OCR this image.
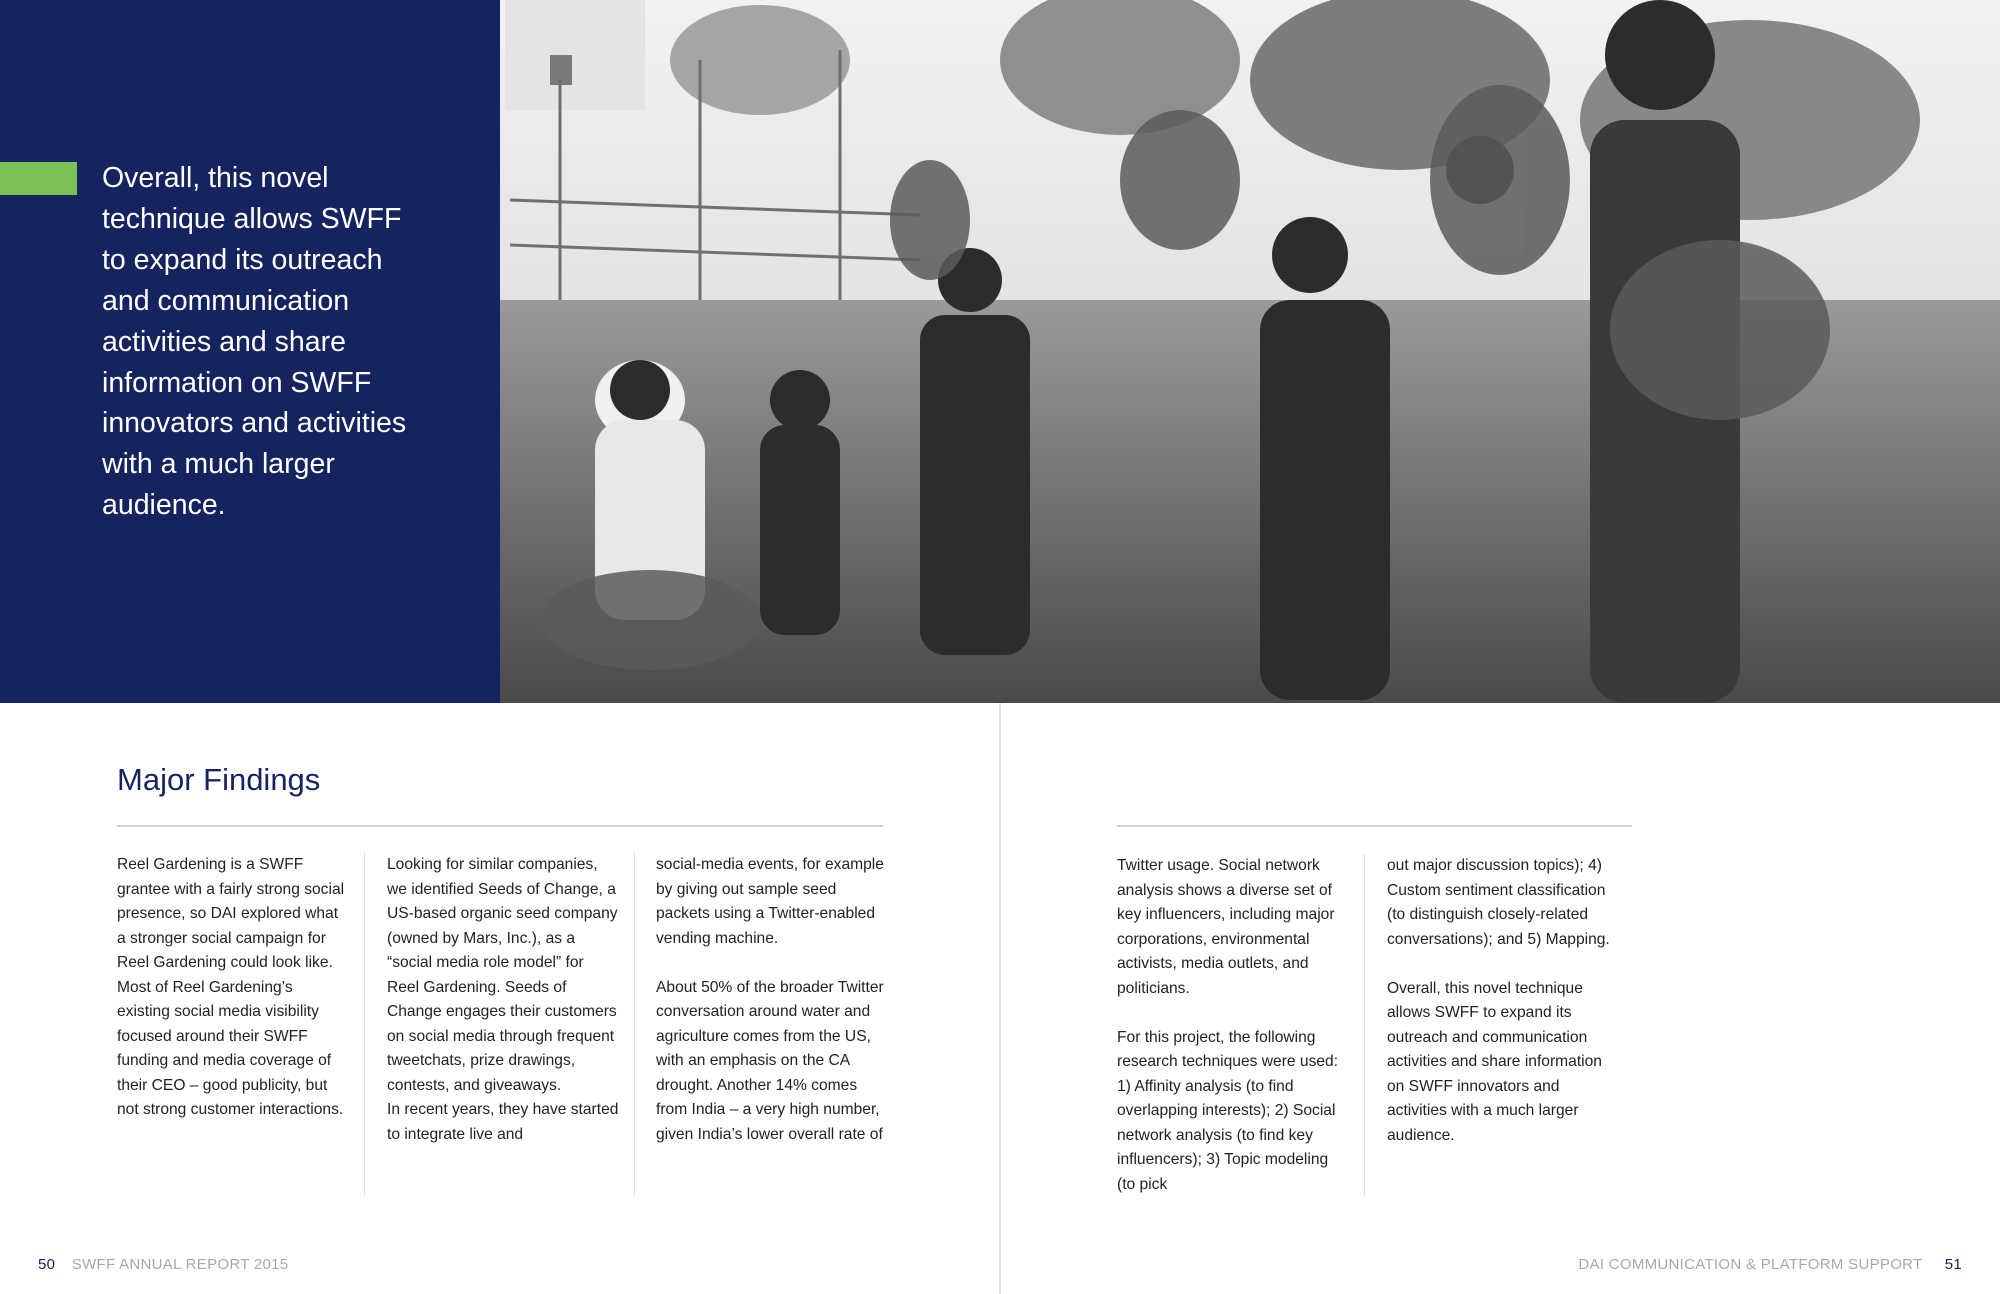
Overall, this novel technique allows SWFF to expand its outreach and communication activities and share information on SWFF innovators and activities with a much larger audience.

Major Findings

Reel Gardening is a SWFF grantee with a fairly strong social presence, so DAI explored what a stronger social campaign for Reel Gardening could look like. Most of Reel Gardening’s existing social media visibility focused around their SWFF funding and media coverage of their CEO – good publicity, but not strong customer interactions.

Looking for similar companies, we identified Seeds of Change, a US-based organic seed company (owned by Mars, Inc.), as a “social media role model” for Reel Gardening. Seeds of Change engages their customers on social media through frequent tweetchats, prize drawings, contests, and giveaways.

In recent years, they have started to integrate live and

social-media events, for example by giving out sample seed packets using a Twitter-enabled vending machine.

About 50% of the broader Twitter conversation around water and agriculture comes from the US, with an emphasis on the CA drought. Another 14% comes from India – a very high number, given India’s lower overall rate of

Twitter usage. Social network analysis shows a diverse set of key influencers, including major corporations, environmental activists, media outlets, and politicians.

For this project, the following research techniques were used: 1) Affinity analysis (to find overlapping interests); 2) Social network analysis (to find key influencers); 3) Topic modeling (to pick

out major discussion topics); 4) Custom sentiment classification (to distinguish closely-related conversations); and 5) Mapping.

Overall, this novel technique allows SWFF to expand its outreach and communication activities and share information on SWFF innovators and activities with a much larger audience.

50 SWFF ANNUAL REPORT 2015	DAI COMMUNICATION & PLATFORM SUPPORT 51
